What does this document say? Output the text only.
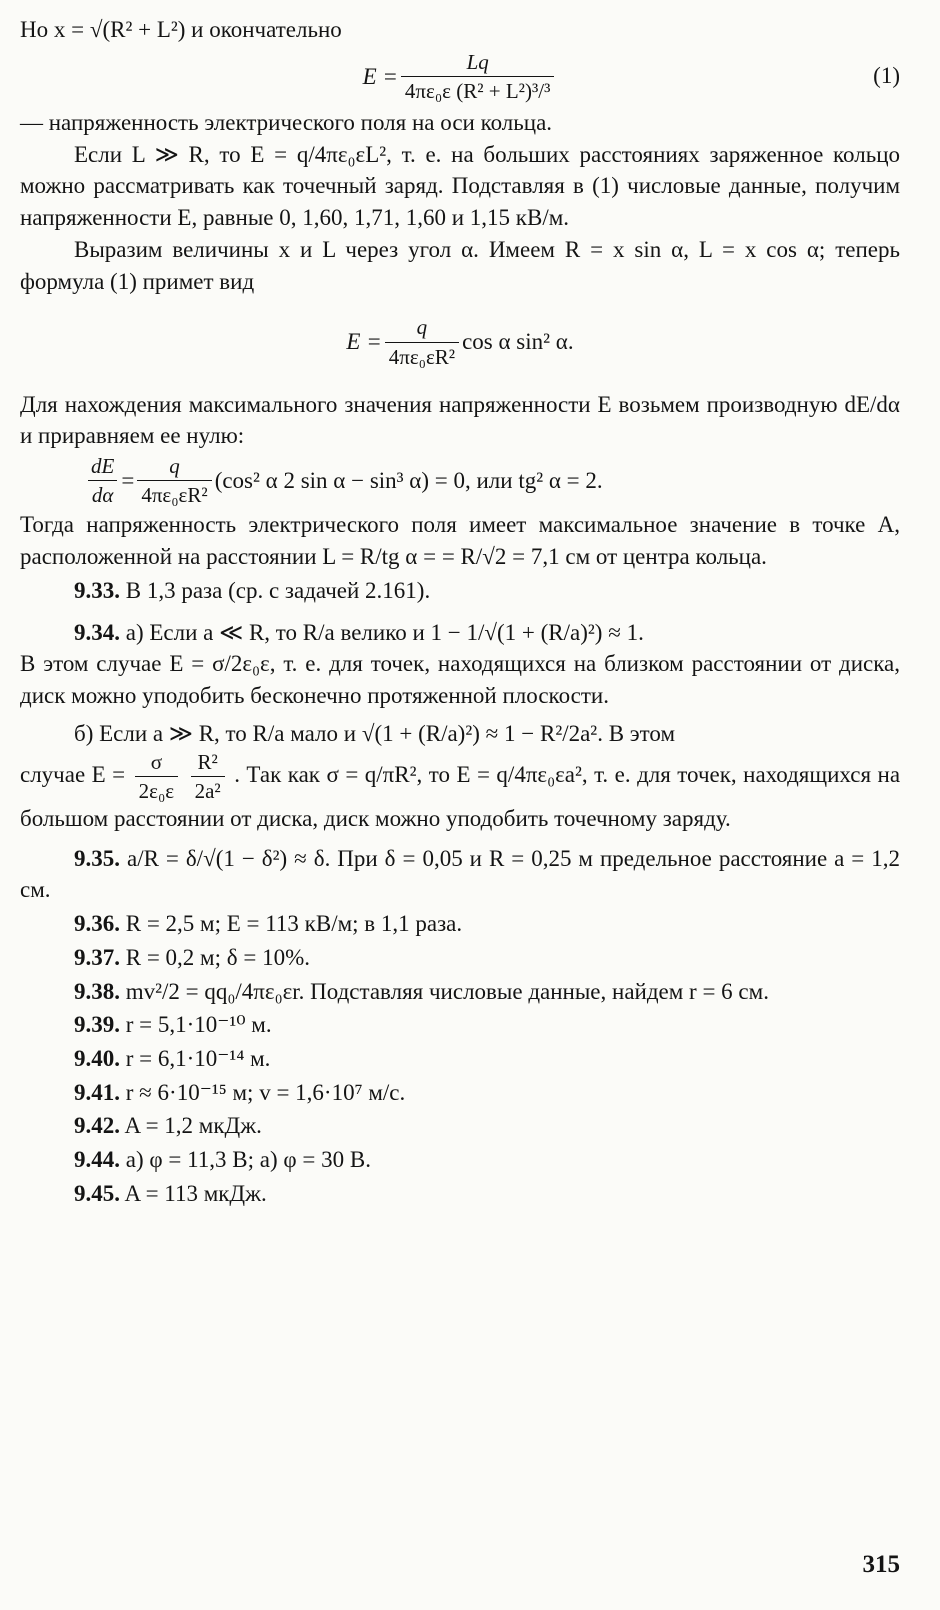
Но x = √(R² + L²) и окончательно

$E = \frac{Lq}{\text{4πε₀ε (R² + L²)³/³}}$	(1)

— напряженность электрического поля на оси кольца.

Если L ≫ R, то E = q/4πε₀εL², т. е. на больших расстояниях заряженное кольцо можно рассматривать как точечный заряд. Подставляя в (1) числовые данные, получим напряженности E, равные 0, 1,60, 1,71, 1,60 и 1,15 кВ/м.

Выразим величины x и L через угол α. Имеем R = x sin α, L = x cos α; теперь формула (1) примет вид

$E = \frac{q}{\text{4πε₀εR²}}$ cos α sin² α.

Для нахождения максимального значения напряженности E возьмем производную dE/dα и приравняем ее нулю:

$\frac{dE}{d\alpha} = \frac{q}{\text{4πε₀εR²}} (\cos^2$ α 2 sin α − sin³ α) = 0, или tg² α = 2.

Тогда напряженность электрического поля имеет максимальное значение в точке A, расположенной на расстоянии L = R/tg α = = R/√2 = 7,1 см от центра кольца.

9.33. В 1,3 раза (ср. с задачей 2.161).

9.34. а) Если a ≪ R, то R/a велико и 1 − 1/√(1 + (R/a)²) ≈ 1.

В этом случае E = σ/2ε₀ε, т. е. для точек, находящихся на близком расстоянии от диска, диск можно уподобить бесконечно протяженной плоскости.

б) Если a ≫ R, то R/a мало и √(1 + (R/a)²) ≈ 1 − R²/2a². В этом

случае $E = \frac{\sigma}{\text{2ε₀ε}}$
$\frac{\text{R²}}{\text{2a²}}$ . Так как σ = q/πR², то E = q/4πε₀εa², т. е. для точек, находящихся на большом расстоянии от диска, диск можно уподобить точечному заряду.

9.35. a/R = δ/√(1 − δ²) ≈ δ. При δ = 0,05 и R = 0,25 м предельное расстояние a = 1,2 см.

9.36. R = 2,5 м; E = 113 кВ/м; в 1,1 раза.

9.37. R = 0,2 м; δ = 10%.

9.38. mv²/2 = qq₀/4πε₀εr. Подставляя числовые данные, найдем r = 6 см.

9.39. r = 5,1·10⁻¹⁰ м.

9.40. r = 6,1·10⁻¹⁴ м.

9.41. r ≈ 6·10⁻¹⁵ м; v = 1,6·10⁷ м/с.

9.42. A = 1,2 мкДж.

9.44. а) φ = 11,3 В; а) φ = 30 В.

9.45. A = 113 мкДж.

315
